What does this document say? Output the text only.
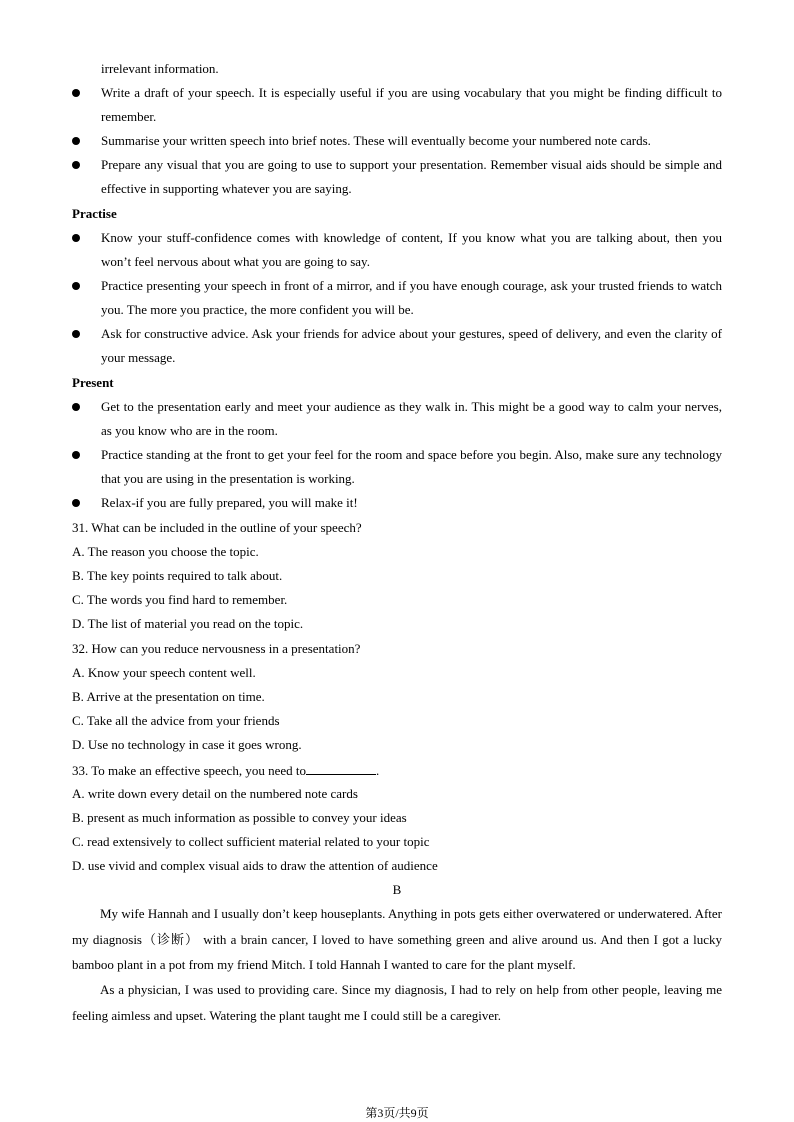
irrelevant information.
Write a draft of your speech. It is especially useful if you are using vocabulary that you might be finding difficult to remember.
Summarise your written speech into brief notes. These will eventually become your numbered note cards.
Prepare any visual that you are going to use to support your presentation. Remember visual aids should be simple and effective in supporting whatever you are saying.
Practise
Know your stuff-confidence comes with knowledge of content, If you know what you are talking about, then you won’t feel nervous about what you are going to say.
Practice presenting your speech in front of a mirror, and if you have enough courage, ask your trusted friends to watch you. The more you practice, the more confident you will be.
Ask for constructive advice. Ask your friends for advice about your gestures, speed of delivery, and even the clarity of your message.
Present
Get to the presentation early and meet your audience as they walk in. This might be a good way to calm your nerves, as you know who are in the room.
Practice standing at the front to get your feel for the room and space before you begin. Also, make sure any technology that you are using in the presentation is working.
Relax-if you are fully prepared, you will make it!
31. What can be included in the outline of your speech?
A. The reason you choose the topic.
B. The key points required to talk about.
C. The words you find hard to remember.
D. The list of material you read on the topic.
32. How can you reduce nervousness in a presentation?
A. Know your speech content well.
B. Arrive at the presentation on time.
C. Take all the advice from your friends
D. Use no technology in case it goes wrong.
33. To make an effective speech, you need to	.
A. write down every detail on the numbered note cards
B. present as much information as possible to convey your ideas
C. read extensively to collect sufficient material related to your topic
D. use vivid and complex visual aids to draw the attention of audience
B
My wife Hannah and I usually don’t keep houseplants. Anything in pots gets either overwatered or underwatered. After my diagnosis（诊断） with a brain cancer, I loved to have something green and alive around us. And then I got a lucky bamboo plant in a pot from my friend Mitch. I told Hannah I wanted to care for the plant myself.
As a physician, I was used to providing care. Since my diagnosis, I had to rely on help from other people, leaving me feeling aimless and upset. Watering the plant taught me I could still be a caregiver.
第3页/共9页
